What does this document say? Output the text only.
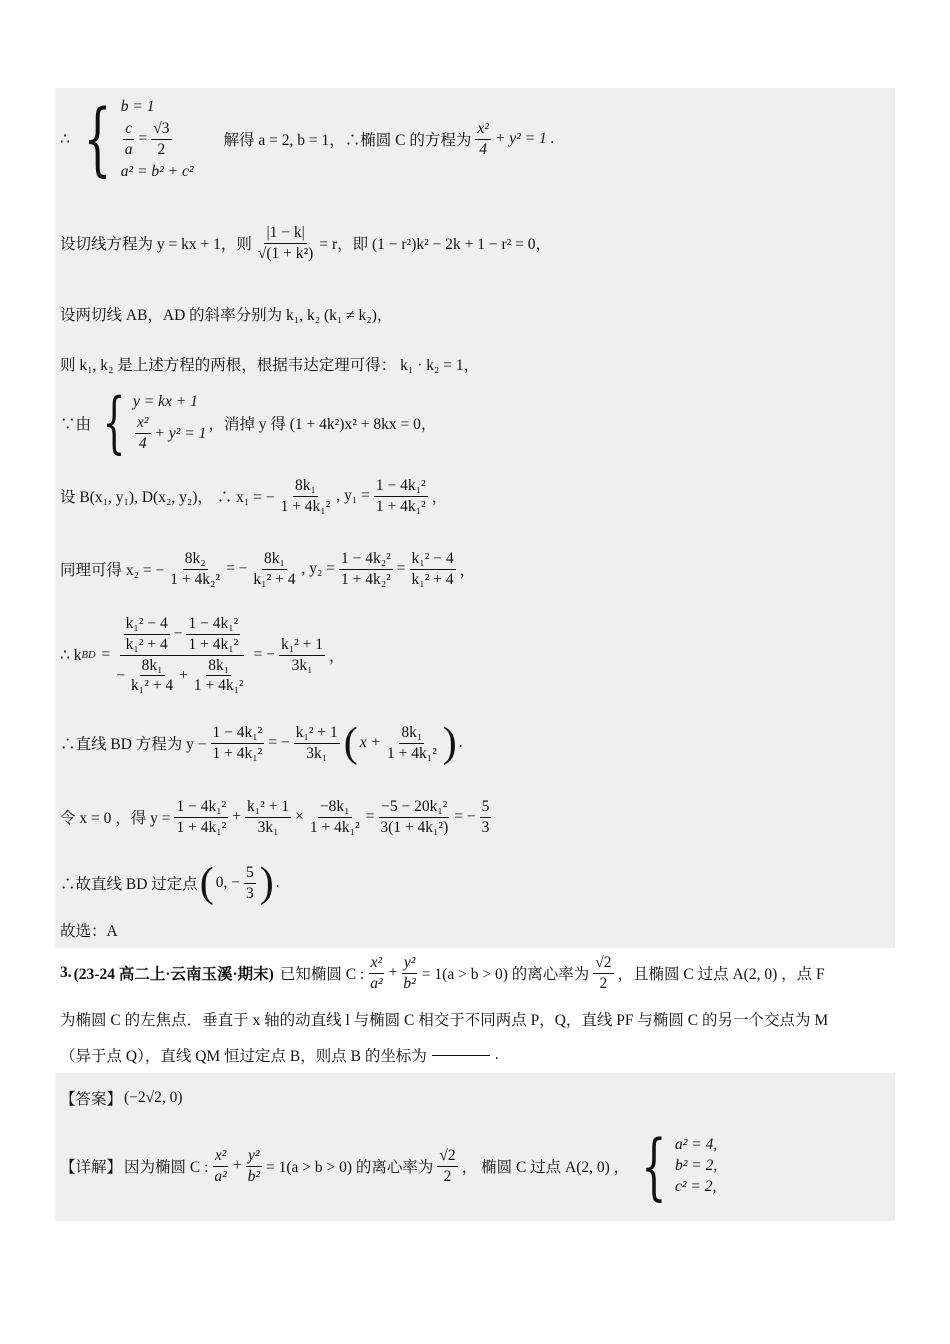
∴ { b = 1
$\frac{c}{a} = \frac{√3}{2}$
a² = b² + c²
解得 a = 2, b = 1，∴椭圆 C 的方程为 $\frac{\text{x²}}{4} + y^2 = 1$ .
设切线方程为 y = kx + 1，则 $\frac{|1 - k|}{\text{√(1 + k²)}} = r$，即 (1 − r²)k² − 2k + 1 − r² = 0，
设两切线 AB，AD 的斜率分别为 k₁, k₂ (k₁ ≠ k₂)，
则 k₁, k₂ 是上述方程的两根，根据韦达定理可得： k₁ · k₂ = 1，
∵由 { y = kx + 1
$\frac{\text{x²}}{4} + y^2 = 1$ ，消掉 y 得 (1 + 4k²)x² + 8kx = 0，
设 B(x₁, y₁), D(x₂, y₂)， ∴ x₁ = − $\frac{\text{8k₁}}{\text{1 + 4k₁²}}$ , $y_1 = \frac{\text{1 − 4k₁²}}{\text{1 + 4k₁²}}$ ，
同理可得 x₂ = − $\frac{\text{8k₂}}{\text{1 + 4k₂²}}$ = − $\frac{\text{8k₁}}{\text{k₁² + 4}}$ , $y_2 = \frac{\text{1 − 4k₂²}}{\text{1 + 4k₂²}} = \frac{\text{k₁² − 4}}{\text{k₁² + 4}}$ ，
∴ k BD = $\frac{\frac{\text{k₁² − 4}}{\text{k₁² + 4}} - \frac{\text{1 − 4k₁²}}{\text{1 + 4k₁²}}}{- \frac{\text{8k₁}}{\text{k₁² + 4}} + \frac{\text{8k₁}}{\text{1 + 4k₁²}}}$ = − $\frac{\text{k₁² + 1}}{\text{3k₁}}$ ，
∴直线 BD 方程为 $y - \frac{\text{1 − 4k₁²}}{\text{1 + 4k₁²}}$ = − $\frac{\text{k₁² + 1}}{\text{3k₁}}$ ( $x + \frac{\text{8k₁}}{\text{1 + 4k₁²}}$ ) .
令 x = 0 ，得 $y = \frac{\text{1 − 4k₁²}}{\text{1 + 4k₁²}} + \frac{\text{k₁² + 1}}{\text{3k₁}} \times \frac{\text{−8k₁}}{\text{1 + 4k₁²}} = \frac{\text{−5 − 20k₁²}}{\text{3(1 + 4k₁²)}}$ = − $\frac{5}{3}$
∴故直线 BD 过定点 ( 0, − $\frac{5}{3}$ ) .
故选：A
3. (23-24 高二上·云南玉溪·期末) 已知椭圆 C : $\frac{\text{x²}}{\text{a²}} + \frac{\text{y²}}{\text{b²}} = 1(a > b > 0)$ 的离心率为 $\frac{√2}{2}$ ，且椭圆 C 过点 A(2, 0) ，点 F
为椭圆 C 的左焦点．垂直于 x 轴的动直线 l 与椭圆 C 相交于不同两点 P，Q，直线 PF 与椭圆 C 的另一个交点为 M
（异于点 Q），直线 QM 恒过定点 B，则点 B 的坐标为	.
【答案】 (−2√2, 0)
【详解】 因为椭圆 C : $\frac{\text{x²}}{\text{a²}} + \frac{\text{y²}}{\text{b²}} = 1(a > b > 0)$ 的离心率为 $\frac{√2}{2}$ ， 椭圆 C 过点 A(2, 0) ， { a² = 4,
b² = 2,
c² = 2,
